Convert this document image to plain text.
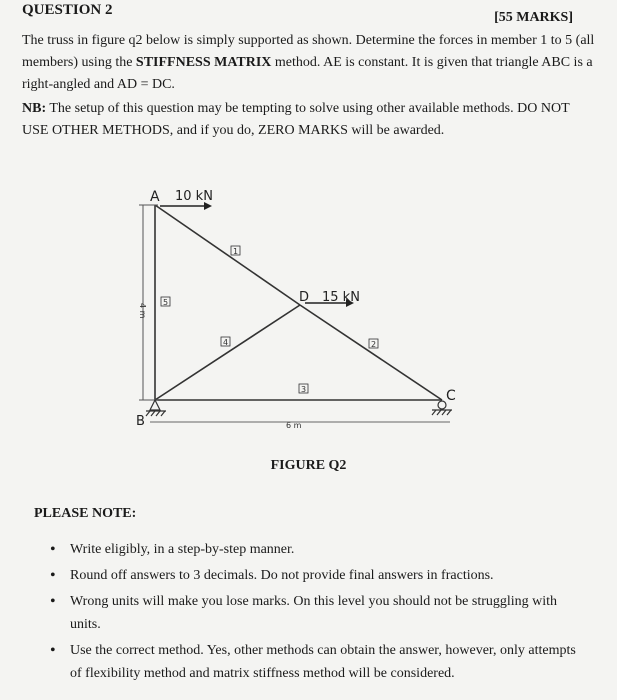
QUESTION 2	[55 MARKS]

The truss in figure q2 below is simply supported as shown. Determine the forces in member 1 to 5 (all members) using the STIFFNESS MATRIX method. AE is constant. It is given that triangle ABC is a right-angled and AD = DC.

NB: The setup of this question may be tempting to solve using other available methods. DO NOT USE OTHER METHODS, and if you do, ZERO MARKS will be awarded.

A 10 kN
B
C
D 15 kN
4 m
6 m
1
2
3
4
5
FIGURE Q2
PLEASE NOTE:
• Write eligibly, in a step-by-step manner.
• Round off answers to 3 decimals. Do not provide final answers in fractions.
• Wrong units will make you lose marks. On this level you should not be struggling with units.
• Use the correct method. Yes, other methods can obtain the answer, however, only attempts of flexibility method and matrix stiffness method will be considered.
